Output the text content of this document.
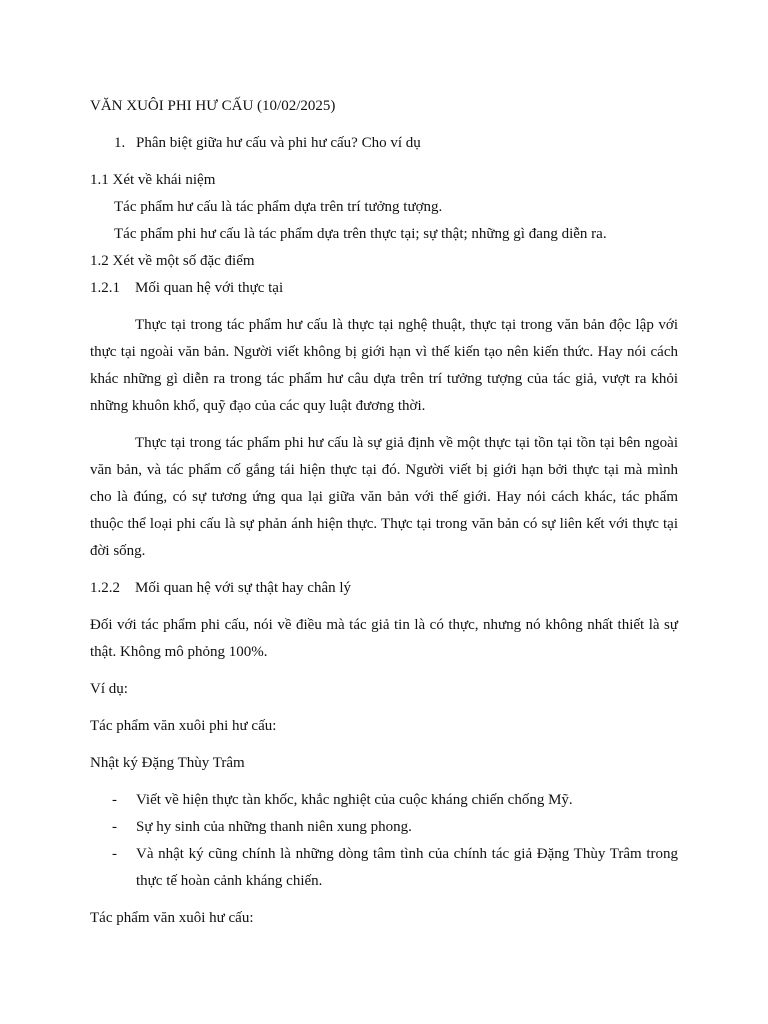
VĂN XUÔI PHI HƯ CẤU (10/02/2025)

1. Phân biệt giữa hư cấu và phi hư cấu? Cho ví dụ

1.1 Xét về khái niệm

Tác phẩm hư cấu là tác phẩm dựa trên trí tưởng tượng.

Tác phẩm phi hư cấu là tác phẩm dựa trên thực tại; sự thật; những gì đang diễn ra.

1.2 Xét về một số đặc điểm

1.2.1	Mối quan hệ với thực tại

Thực tại trong tác phẩm hư cấu là thực tại nghệ thuật, thực tại trong văn bản độc lập với thực tại ngoài văn bản. Người viết không bị giới hạn vì thế kiến tạo nên kiến thức. Hay nói cách khác những gì diễn ra trong tác phẩm hư câu dựa trên trí tưởng tượng của tác giả, vượt ra khỏi những khuôn khổ, quỹ đạo của các quy luật đương thời.

Thực tại trong tác phẩm phi hư cấu là sự giả định về một thực tại tồn tại tồn tại bên ngoài văn bản, và tác phẩm cố gắng tái hiện thực tại đó. Người viết bị giới hạn bởi thực tại mà mình cho là đúng, có sự tương ứng qua lại giữa văn bản với thế giới. Hay nói cách khác, tác phẩm thuộc thể loại phi cấu là sự phản ánh hiện thực. Thực tại trong văn bản có sự liên kết với thực tại đời sống.

1.2.2	Mối quan hệ với sự thật hay chân lý

Đối với tác phẩm phi cấu, nói về điều mà tác giả tin là có thực, nhưng nó không nhất thiết là sự thật. Không mô phỏng 100%.

Ví dụ:

Tác phẩm văn xuôi phi hư cấu:

Nhật ký Đặng Thùy Trâm

-	Viết về hiện thực tàn khốc, khắc nghiệt của cuộc kháng chiến chống Mỹ.
-	Sự hy sinh của những thanh niên xung phong.
-	Và nhật ký cũng chính là những dòng tâm tình của chính tác giả Đặng Thùy Trâm trong thực tế hoàn cảnh kháng chiến.

Tác phẩm văn xuôi hư cấu:
